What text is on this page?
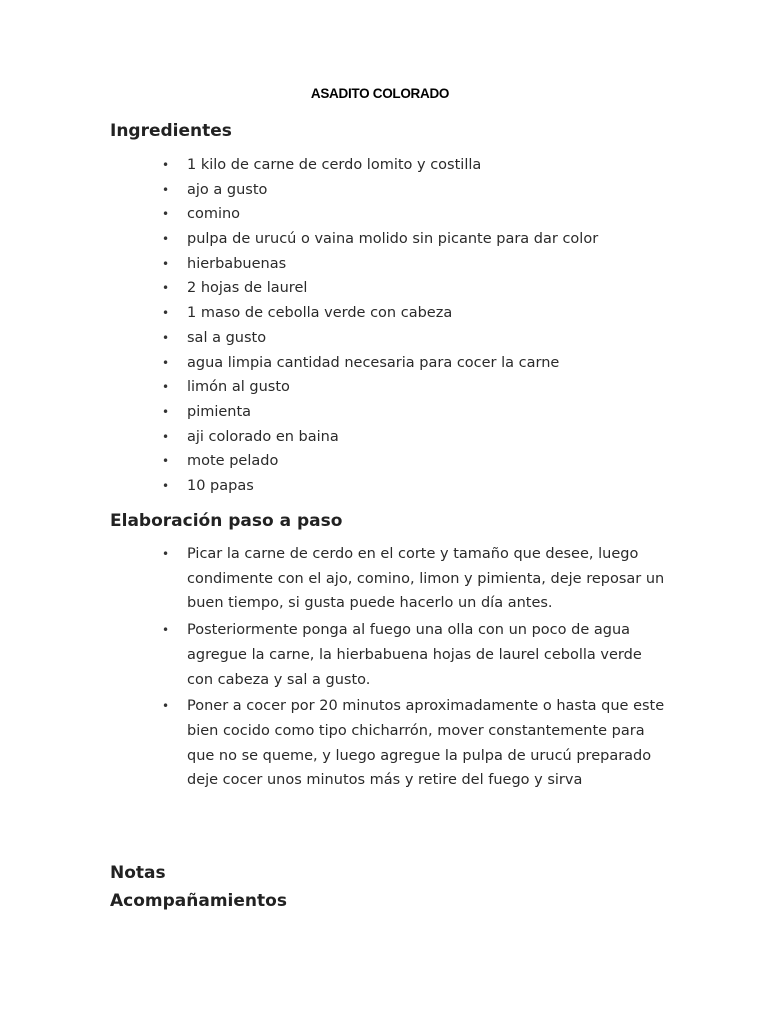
ASADITO COLORADO
Ingredientes
• 1 kilo de carne de cerdo lomito y costilla
• ajo a gusto
• comino
• pulpa de urucú o vaina molido sin picante para dar color
• hierbabuenas
• 2 hojas de laurel
• 1 maso de cebolla verde con cabeza
• sal a gusto
• agua limpia cantidad necesaria para cocer la carne
• limón al gusto
• pimienta
• aji colorado en baina
• mote pelado
• 10 papas
Elaboración paso a paso
• Picar la carne de cerdo en el corte y tamaño que desee, luego condimente con el ajo, comino, limon y pimienta, deje reposar un buen tiempo, si gusta puede hacerlo un día antes.
• Posteriormente ponga al fuego una olla con un poco de agua agregue la carne, la hierbabuena hojas de laurel cebolla verde con cabeza y sal a gusto.
• Poner a cocer por 20 minutos aproximadamente o hasta que este bien cocido como tipo chicharrón, mover constantemente para que no se queme, y luego agregue la pulpa de urucú preparado deje cocer unos minutos más y retire del fuego y sirva
Notas
Acompañamientos
